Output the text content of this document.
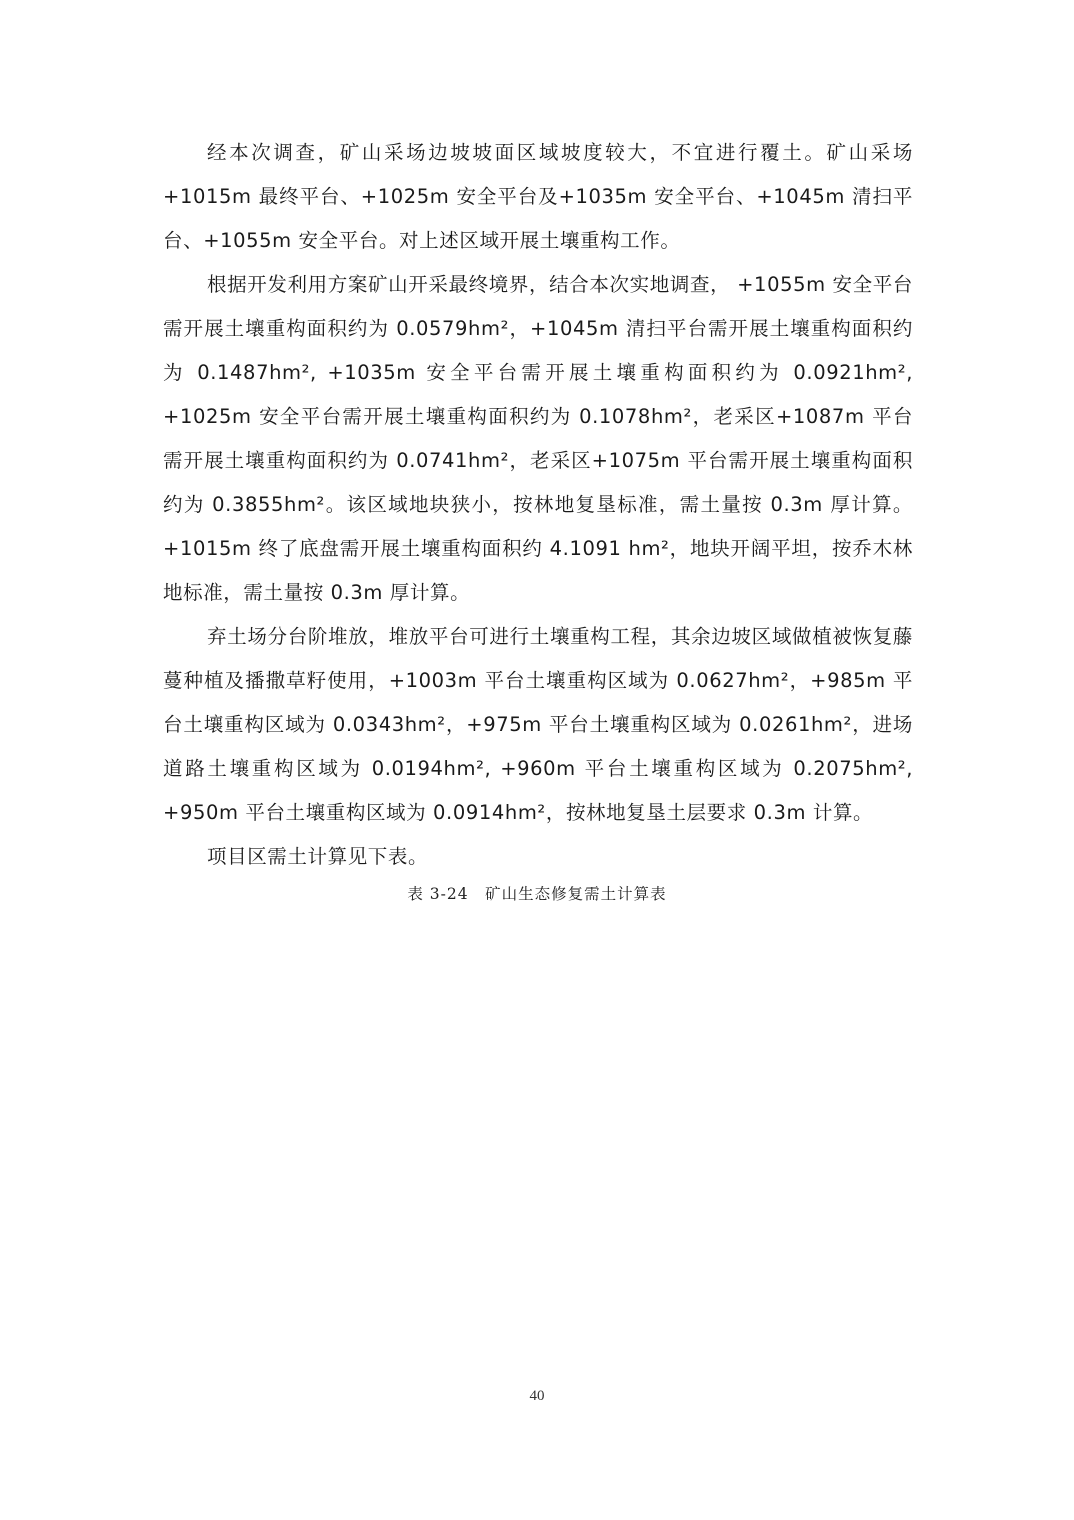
经本次调查，矿山采场边坡坡面区域坡度较大，不宜进行覆土。矿山采场+1015m 最终平台、+1025m 安全平台及+1035m 安全平台、+1045m 清扫平台、+1055m 安全平台。对上述区域开展土壤重构工作。

根据开发利用方案矿山开采最终境界，结合本次实地调查， +1055m 安全平台需开展土壤重构面积约为 0.0579hm²，+1045m 清扫平台需开展土壤重构面积约为 0.1487hm², +1035m 安全平台需开展土壤重构面积约为 0.0921hm², +1025m 安全平台需开展土壤重构面积约为 0.1078hm²，老采区+1087m 平台需开展土壤重构面积约为 0.0741hm²，老采区+1075m 平台需开展土壤重构面积约为 0.3855hm²。该区域地块狭小，按林地复垦标准，需土量按 0.3m 厚计算。+1015m 终了底盘需开展土壤重构面积约 4.1091 hm²，地块开阔平坦，按乔木林地标准，需土量按 0.3m 厚计算。

弃土场分台阶堆放，堆放平台可进行土壤重构工程，其余边坡区域做植被恢复藤蔓种植及播撒草籽使用，+1003m 平台土壤重构区域为 0.0627hm²，+985m 平台土壤重构区域为 0.0343hm²，+975m 平台土壤重构区域为 0.0261hm²，进场道路土壤重构区域为 0.0194hm², +960m 平台土壤重构区域为 0.2075hm², +950m 平台土壤重构区域为 0.0914hm²，按林地复垦土层要求 0.3m 计算。

项目区需土计算见下表。

表 3-24　矿山生态修复需土计算表
40
